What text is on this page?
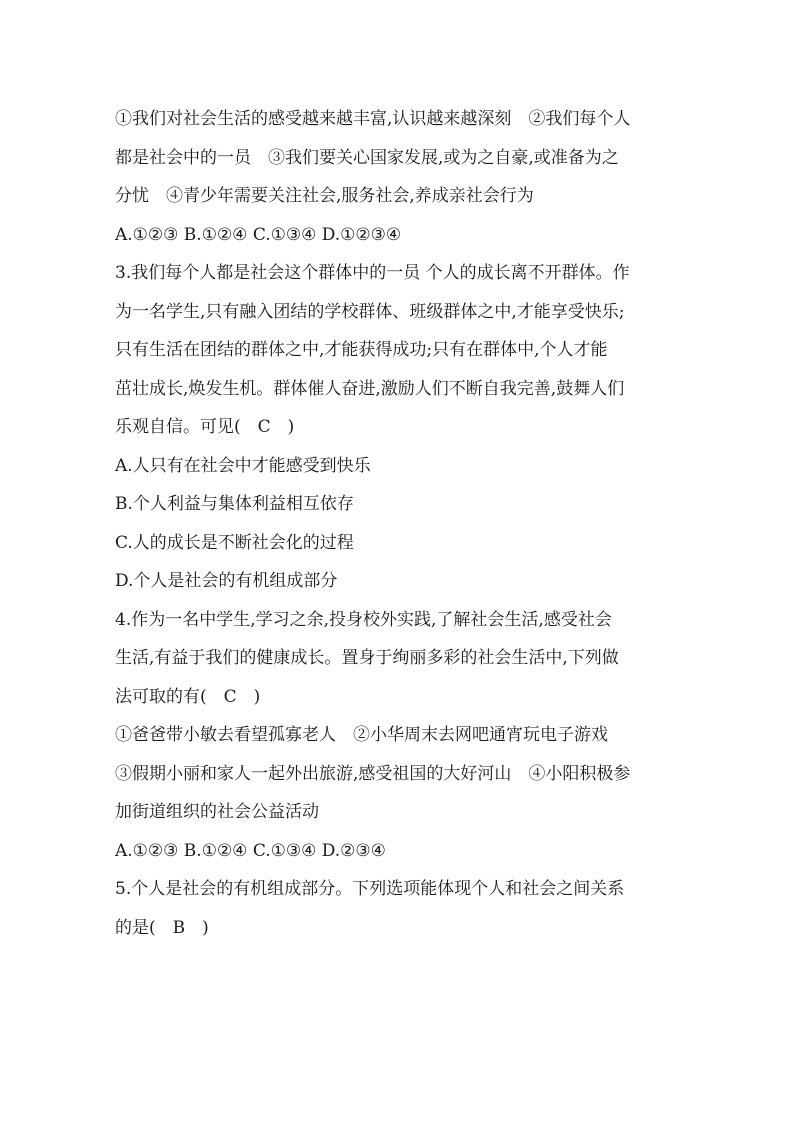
①我们对社会生活的感受越来越丰富,认识越来越深刻　②我们每个人
都是社会中的一员　③我们要关心国家发展,或为之自豪,或准备为之
分忧　④青少年需要关注社会,服务社会,养成亲社会行为
A.①②③ B.①②④ C.①③④ D.①②③④
3.我们每个人都是社会这个群体中的一员 个人的成长离不开群体。作
为一名学生,只有融入团结的学校群体、班级群体之中,才能享受快乐;
只有生活在团结的群体之中,才能获得成功;只有在群体中,个人才能
茁壮成长,焕发生机。群体催人奋进,激励人们不断自我完善,鼓舞人们
乐观自信。可见(　C　)
A.人只有在社会中才能感受到快乐
B.个人利益与集体利益相互依存
C.人的成长是不断社会化的过程
D.个人是社会的有机组成部分
4.作为一名中学生,学习之余,投身校外实践,了解社会生活,感受社会
生活,有益于我们的健康成长。置身于绚丽多彩的社会生活中,下列做
法可取的有(　C　)
①爸爸带小敏去看望孤寡老人　②小华周末去网吧通宵玩电子游戏
③假期小丽和家人一起外出旅游,感受祖国的大好河山　④小阳积极参
加街道组织的社会公益活动
A.①②③ B.①②④ C.①③④ D.②③④
5.个人是社会的有机组成部分。下列选项能体现个人和社会之间关系
的是(　B　)
